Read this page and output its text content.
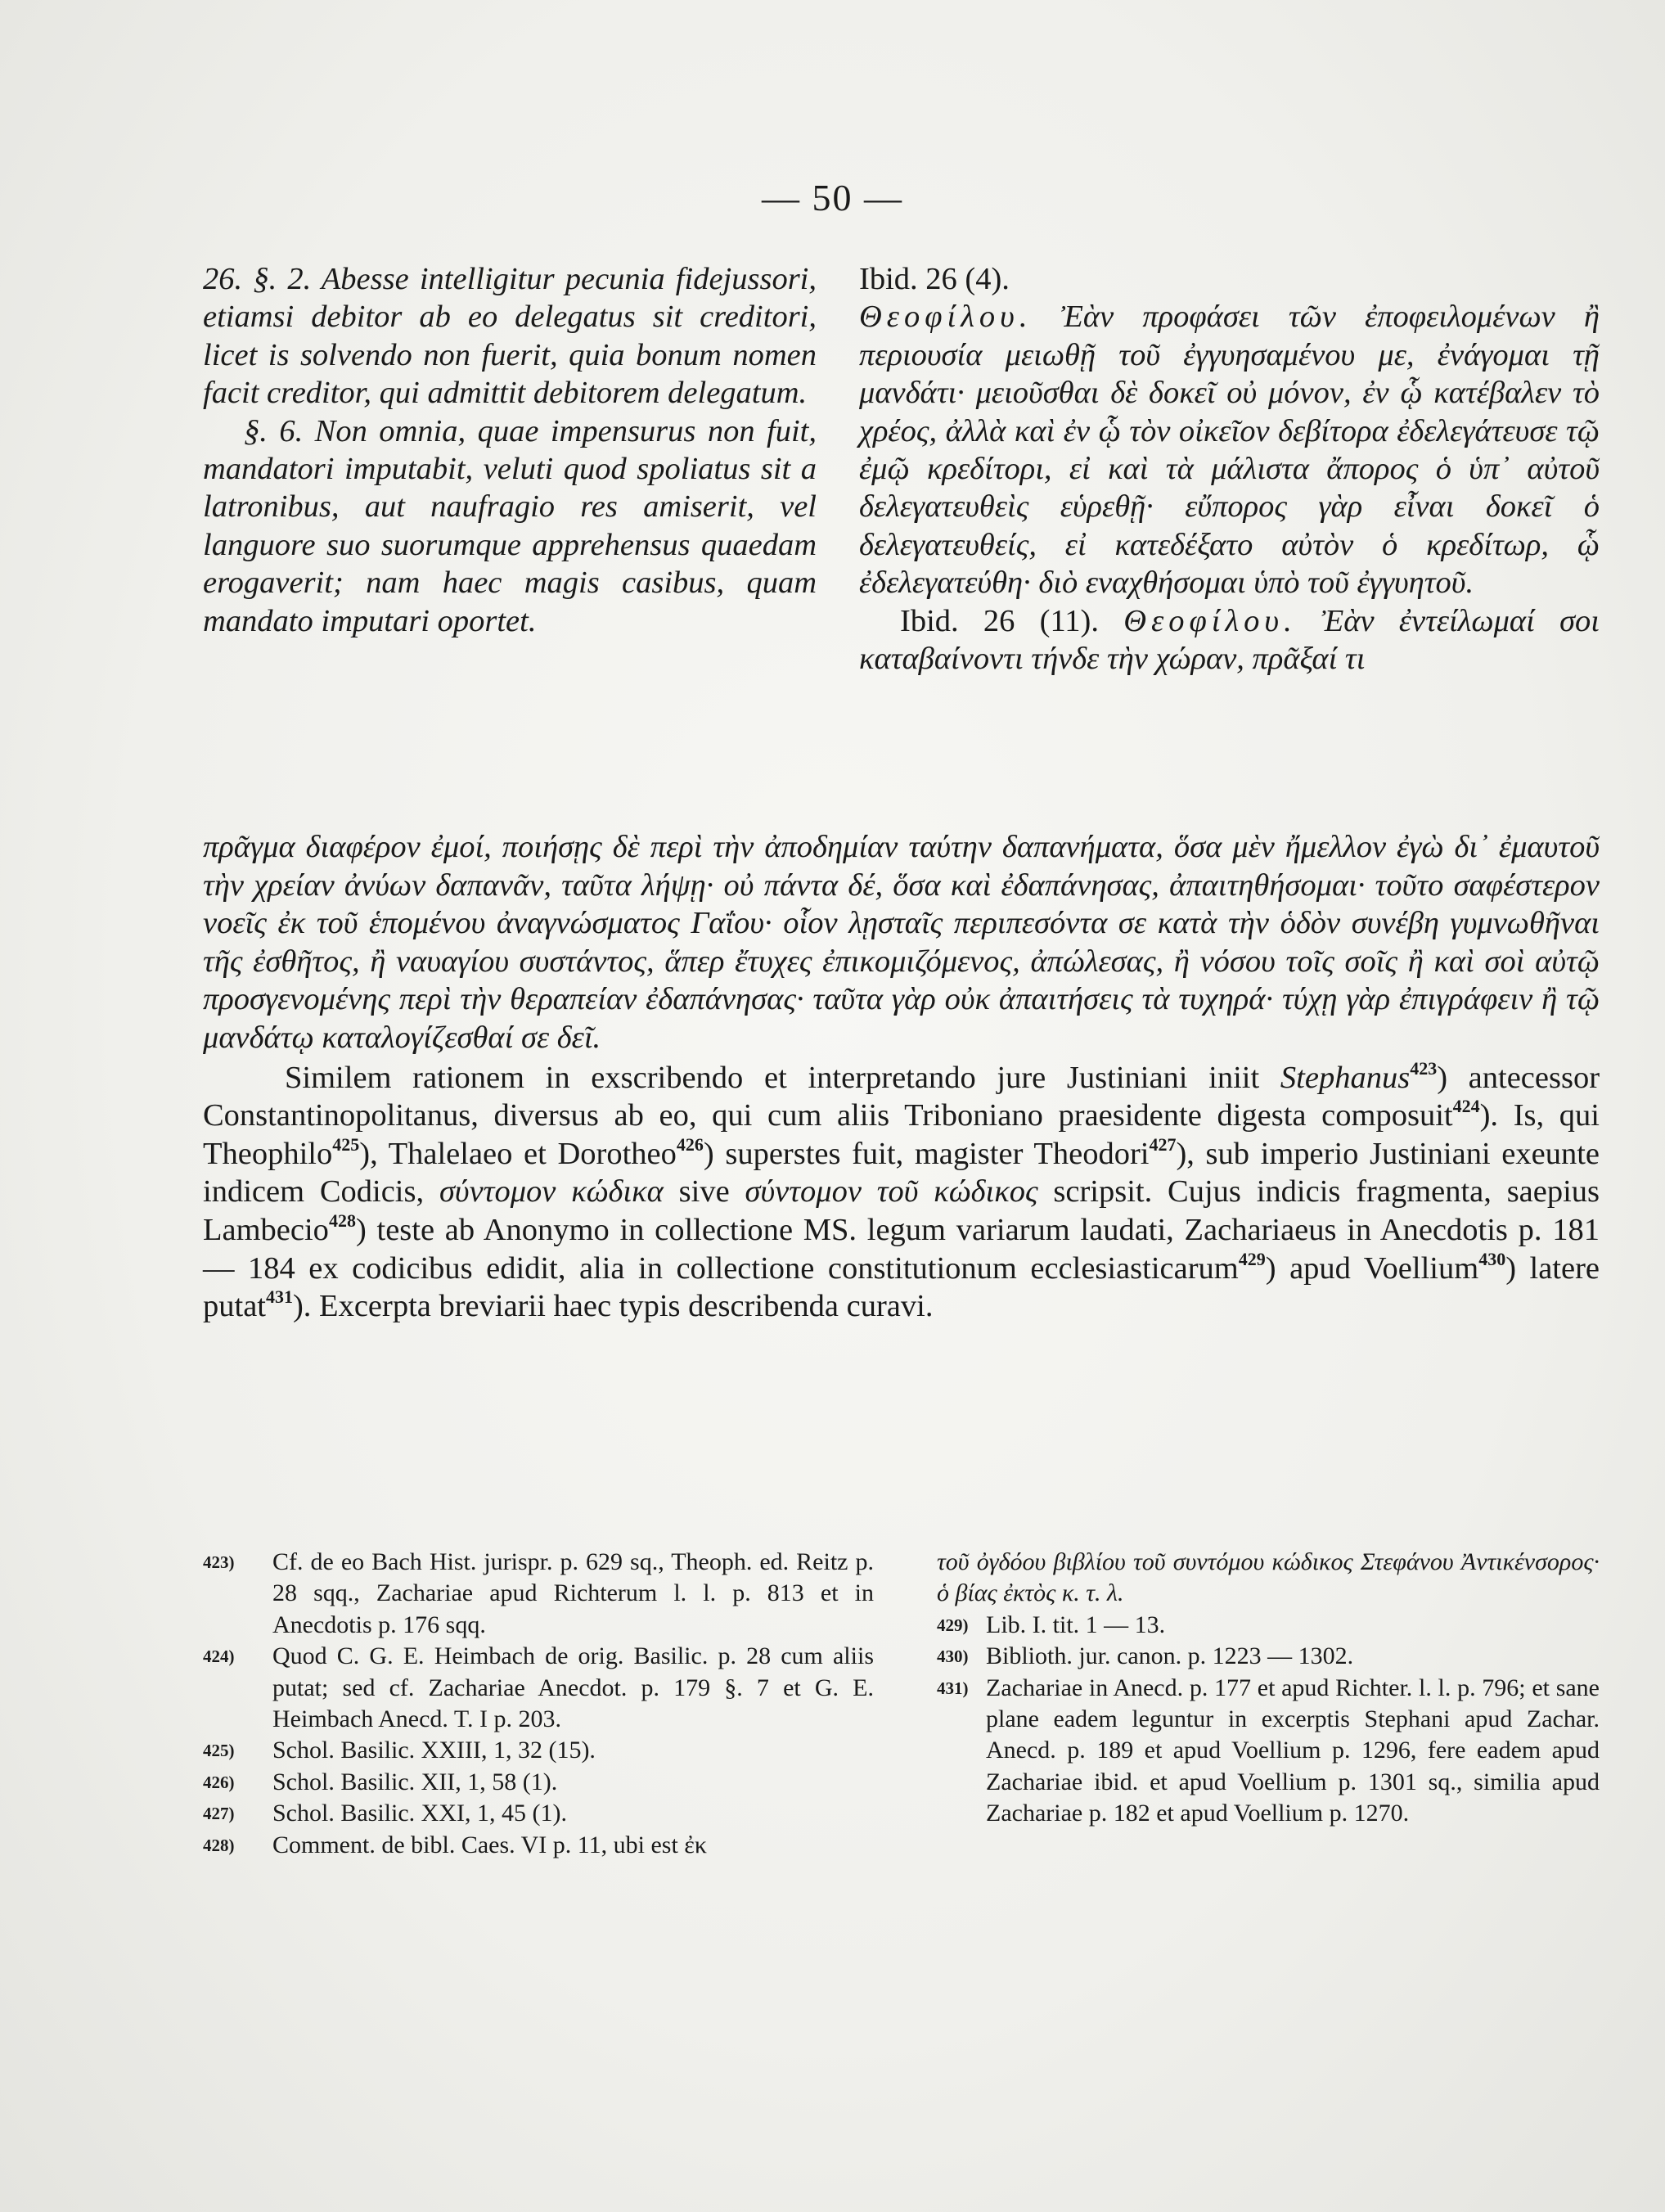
— 50 —

26. §. 2. Abesse intelligitur pecunia fidejussori, etiamsi debitor ab eo delegatus sit creditori, licet is solvendo non fuerit, quia bonum nomen facit creditor, qui admittit debitorem delegatum.

§. 6. Non omnia, quae impensurus non fuit, mandatori imputabit, veluti quod spoliatus sit a latronibus, aut naufragio res amiserit, vel languore suo suorumque apprehensus quaedam erogaverit; nam haec magis casibus, quam mandato imputari oportet.

Ibid. 26 (4).

Θεοφίλου. Ἐὰν προφάσει τῶν ἐποφειλομένων ἢ περιουσία μειωθῇ τοῦ ἐγγυησαμένου με, ἐνάγομαι τῇ μανδάτι· μειοῦσθαι δὲ δοκεῖ οὐ μόνον, ἐν ᾧ κατέβαλεν τὸ χρέος, ἀλλὰ καὶ ἐν ᾧ τὸν οἰκεῖον δεβίτορα ἐδελεγάτευσε τῷ ἐμῷ κρεδίτορι, εἰ καὶ τὰ μάλιστα ἄπορος ὁ ὑπ᾽ αὐτοῦ δελεγατευθεὶς εὑρεθῇ· εὔπορος γὰρ εἶναι δοκεῖ ὁ δελεγατευθείς, εἰ κατεδέξατο αὐτὸν ὁ κρεδίτωρ, ᾧ ἐδελεγατεύθη· διὸ εναχθήσομαι ὑπὸ τοῦ ἐγγυητοῦ.

Ibid. 26 (11). Θεοφίλου. Ἐὰν ἐντείλωμαί σοι καταβαίνοντι τήνδε τὴν χώραν, πρᾶξαί τι

πρᾶγμα διαφέρον ἐμοί, ποιήσῃς δὲ περὶ τὴν ἀποδημίαν ταύτην δαπανήματα, ὅσα μὲν ἤμελλον ἐγὼ δι᾽ ἐμαυτοῦ τὴν χρείαν ἀνύων δαπανᾶν, ταῦτα λήψῃ· οὐ πάντα δέ, ὅσα καὶ ἐδαπάνησας, ἀπαιτηθήσομαι· τοῦτο σαφέστερον νοεῖς ἐκ τοῦ ἑπομένου ἀναγνώσματος Γαΐου· οἷον λῃσταῖς περιπεσόντα σε κατὰ τὴν ὁδὸν συνέβη γυμνωθῆναι τῆς ἐσθῆτος, ἢ ναυαγίου συστάντος, ἅπερ ἔτυχες ἐπικομιζόμενος, ἀπώλεσας, ἢ νόσου τοῖς σοῖς ἢ καὶ σοὶ αὐτῷ προσγενομένης περὶ τὴν θεραπείαν ἐδαπάνησας· ταῦτα γὰρ οὐκ ἀπαιτήσεις τὰ τυχηρά· τύχῃ γὰρ ἐπιγράφειν ἢ τῷ μανδάτῳ καταλογίζεσθαί σε δεῖ.

Similem rationem in exscribendo et interpretando jure Justiniani iniit Stephanus$^{423}$) antecessor Constantinopolitanus, diversus ab eo, qui cum aliis Triboniano praesidente digesta composuit$^{424}$). Is, qui Theophilo$^{425}$), Thalelaeo et Dorotheo$^{426}$) superstes fuit, magister Theodori$^{427}$), sub imperio Justiniani exeunte indicem Codicis, σύντομον κώδικα sive σύντομον τοῦ κώδικος scripsit. Cujus indicis fragmenta, saepius Lambecio$^{428}$) teste ab Anonymo in collectione MS. legum variarum laudati, Zachariaeus in Anecdotis p. 181 — 184 ex codicibus edidit, alia in collectione constitutionum ecclesiasticarum$^{429}$) apud Voellium$^{430}$) latere putat$^{431}$). Excerpta breviarii haec typis describenda curavi.

423) Cf. de eo Bach Hist. jurispr. p. 629 sq., Theoph. ed. Reitz p. 28 sqq., Zachariae apud Richterum l. l. p. 813 et in Anecdotis p. 176 sqq.
424) Quod C. G. E. Heimbach de orig. Basilic. p. 28 cum aliis putat; sed cf. Zachariae Anecdot. p. 179 §. 7 et G. E. Heimbach Anecd. T. I p. 203.
425) Schol. Basilic. XXIII, 1, 32 (15).
426) Schol. Basilic. XII, 1, 58 (1).
427) Schol. Basilic. XXI, 1, 45 (1).
428) Comment. de bibl. Caes. VI p. 11, ubi est ἐκ
τοῦ ὀγδόου βιβλίου τοῦ συντόμου κώδικος Στεφάνου Ἀντικένσορος· ὁ βίας ἐκτὸς κ. τ. λ.
429) Lib. I. tit. 1 — 13.
430) Biblioth. jur. canon. p. 1223 — 1302.
431) Zachariae in Anecd. p. 177 et apud Richter. l. l. p. 796; et sane plane eadem leguntur in excerptis Stephani apud Zachar. Anecd. p. 189 et apud Voellium p. 1296, fere eadem apud Zachariae ibid. et apud Voellium p. 1301 sq., similia apud Zachariae p. 182 et apud Voellium p. 1270.
